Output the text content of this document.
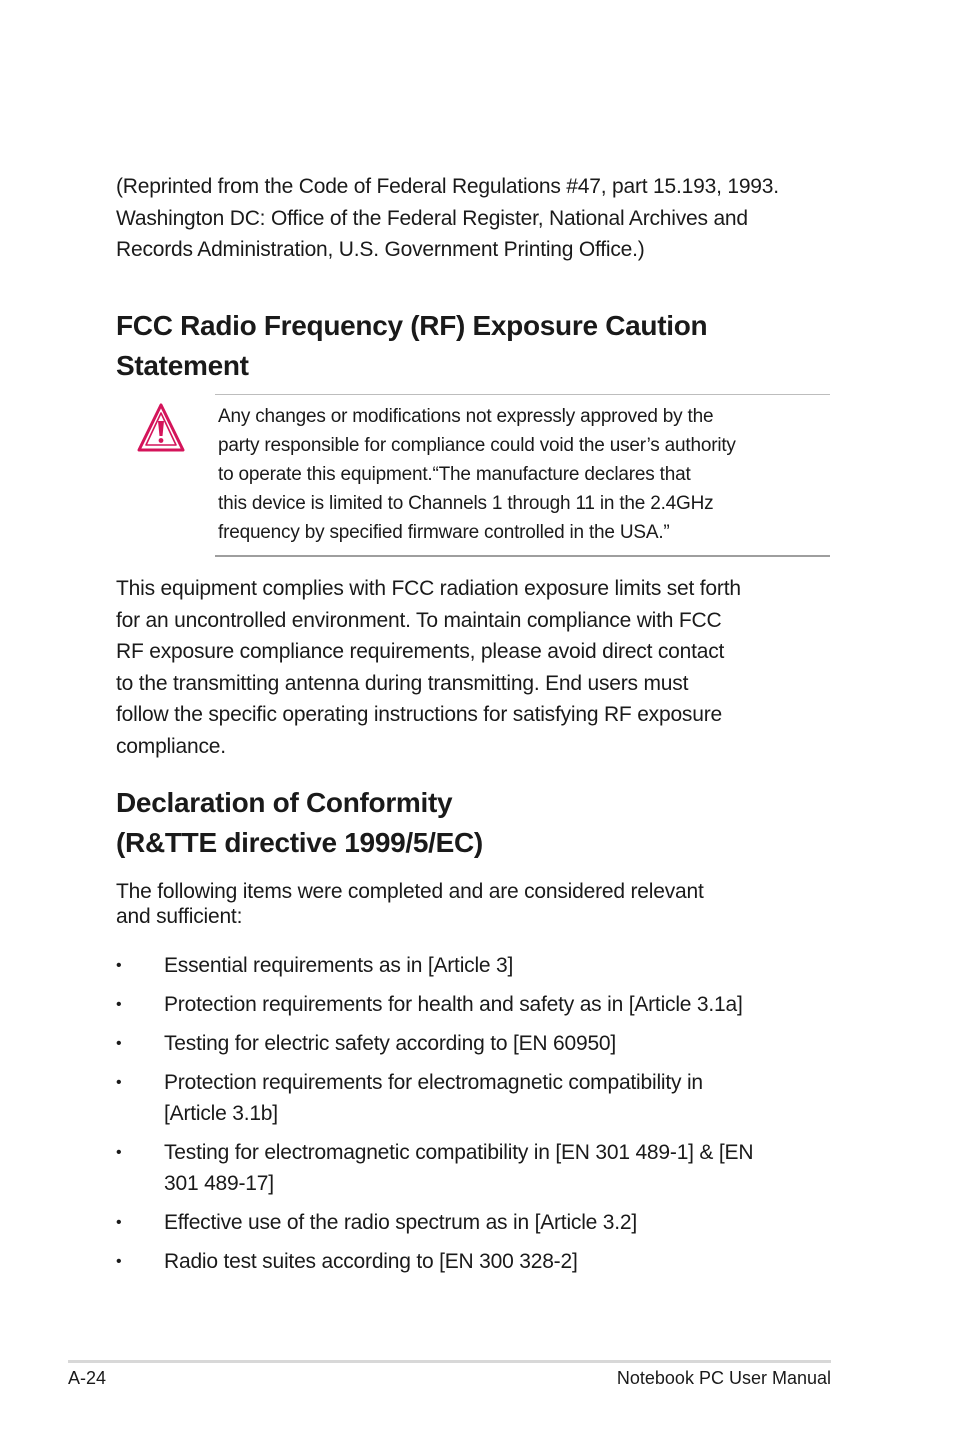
(Reprinted from the Code of Federal Regulations #47, part 15.193, 1993.

Washington DC: Office of the Federal Register, National Archives and

Records Administration, U.S. Government Printing Office.)

FCC Radio Frequency (RF) Exposure Caution
Statement

Any changes or modifications not expressly approved by the
party responsible for compliance could void the user’s authority
to operate this equipment.“The manufacture declares that
this device is limited to Channels 1 through 11 in the 2.4GHz
frequency by specified firmware controlled in the USA.”

This equipment complies with FCC radiation exposure limits set forth

for an uncontrolled environment. To maintain compliance with FCC

RF exposure compliance requirements, please avoid direct contact

to the transmitting antenna during transmitting. End users must

follow the specific operating instructions for satisfying RF exposure

compliance.

Declaration of Conformity
(R&TTE directive 1999/5/EC)

The following items were completed and are considered relevant

and sufficient:

• Essential requirements as in [Article 3]
• Protection requirements for health and safety as in [Article 3.1a]
• Testing for electric safety according to [EN 60950]
• Protection requirements for electromagnetic compatibility in
[Article 3.1b]
• Testing for electromagnetic compatibility in [EN 301 489-1] & [EN
301 489-17]
• Effective use of the radio spectrum as in [Article 3.2]
• Radio test suites according to [EN 300 328-2]
A-24	Notebook PC User Manual
